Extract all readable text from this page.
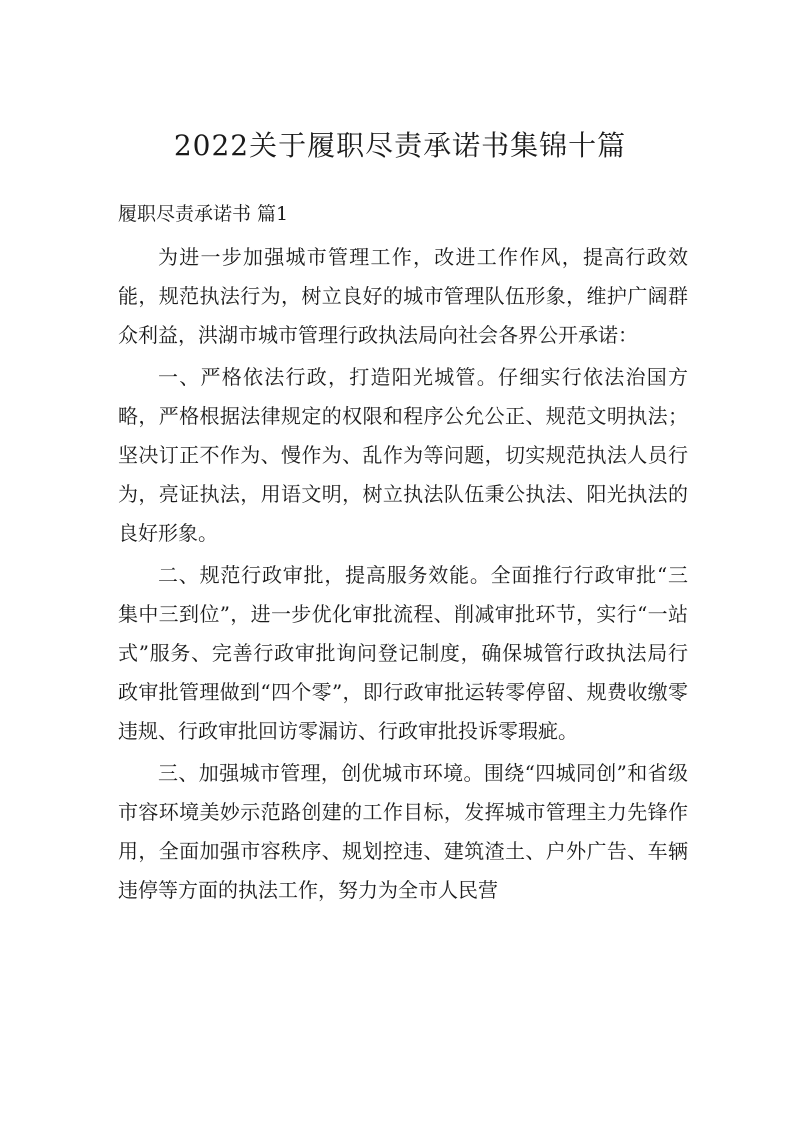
2022关于履职尽责承诺书集锦十篇
履职尽责承诺书 篇1

为进一步加强城市管理工作，改进工作作风，提高行政效能，规范执法行为，树立良好的城市管理队伍形象，维护广阔群众利益，洪湖市城市管理行政执法局向社会各界公开承诺：

一、严格依法行政，打造阳光城管。仔细实行依法治国方略，严格根据法律规定的权限和程序公允公正、规范文明执法；坚决订正不作为、慢作为、乱作为等问题，切实规范执法人员行为，亮证执法，用语文明，树立执法队伍秉公执法、阳光执法的良好形象。

二、规范行政审批，提高服务效能。全面推行行政审批“三集中三到位”，进一步优化审批流程、削减审批环节，实行“一站式”服务、完善行政审批询问登记制度，确保城管行政执法局行政审批管理做到“四个零”，即行政审批运转零停留、规费收缴零违规、行政审批回访零漏访、行政审批投诉零瑕疵。

三、加强城市管理，创优城市环境。围绕“四城同创”和省级市容环境美妙示范路创建的工作目标，发挥城市管理主力先锋作用，全面加强市容秩序、规划控违、建筑渣土、户外广告、车辆违停等方面的执法工作，努力为全市人民营
